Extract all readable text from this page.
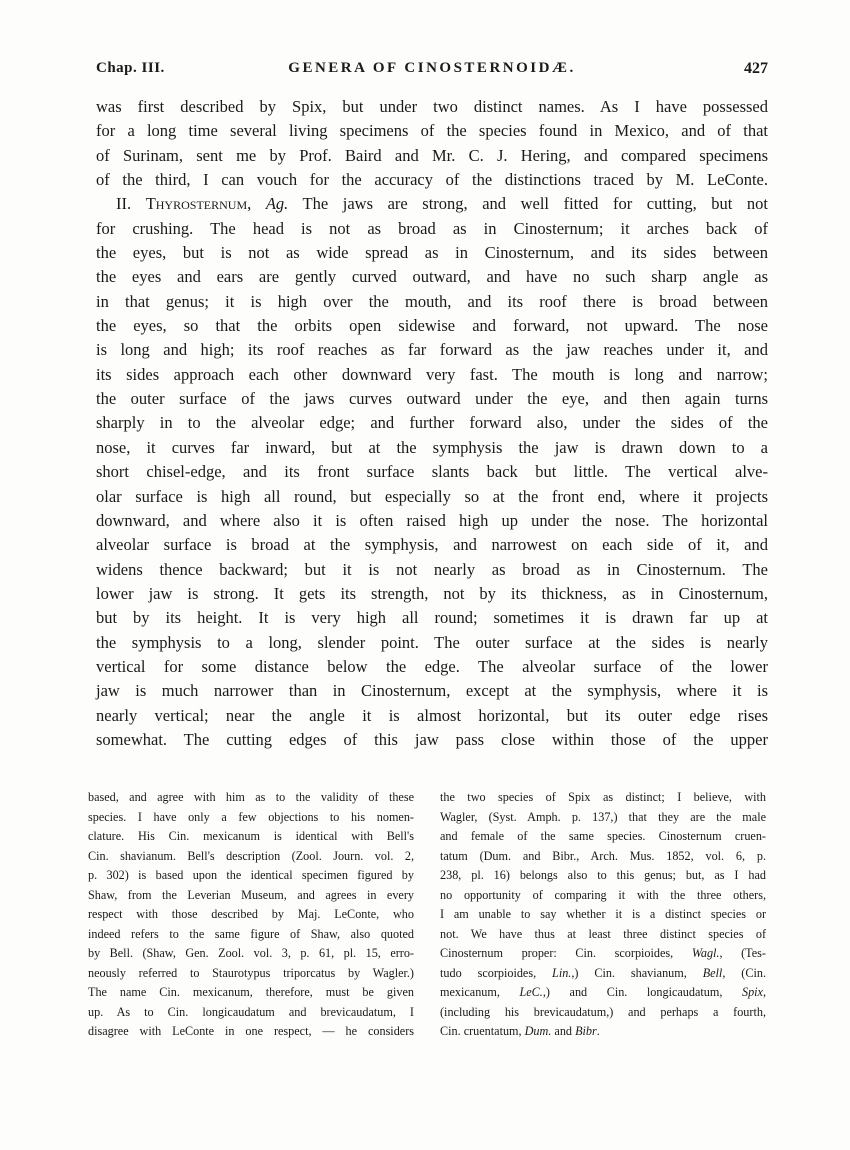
Chap. III.	GENERA OF CINOSTERNOIDÆ.	427
was first described by Spix, but under two distinct names. As I have possessed
for a long time several living specimens of the species found in Mexico, and of that
of Surinam, sent me by Prof. Baird and Mr. C. J. Hering, and compared specimens
of the third, I can vouch for the accuracy of the distinctions traced by M. LeConte.
II. Thyrosternum, Ag. The jaws are strong, and well fitted for cutting, but not
for crushing. The head is not as broad as in Cinosternum; it arches back of
the eyes, but is not as wide spread as in Cinosternum, and its sides between
the eyes and ears are gently curved outward, and have no such sharp angle as
in that genus; it is high over the mouth, and its roof there is broad between
the eyes, so that the orbits open sidewise and forward, not upward. The nose
is long and high; its roof reaches as far forward as the jaw reaches under it, and
its sides approach each other downward very fast. The mouth is long and narrow;
the outer surface of the jaws curves outward under the eye, and then again turns
sharply in to the alveolar edge; and further forward also, under the sides of the
nose, it curves far inward, but at the symphysis the jaw is drawn down to a
short chisel-edge, and its front surface slants back but little. The vertical alve-
olar surface is high all round, but especially so at the front end, where it projects
downward, and where also it is often raised high up under the nose. The horizontal
alveolar surface is broad at the symphysis, and narrowest on each side of it, and
widens thence backward; but it is not nearly as broad as in Cinosternum. The
lower jaw is strong. It gets its strength, not by its thickness, as in Cinosternum,
but by its height. It is very high all round; sometimes it is drawn far up at
the symphysis to a long, slender point. The outer surface at the sides is nearly
vertical for some distance below the edge. The alveolar surface of the lower
jaw is much narrower than in Cinosternum, except at the symphysis, where it is
nearly vertical; near the angle it is almost horizontal, but its outer edge rises
somewhat. The cutting edges of this jaw pass close within those of the upper
based, and agree with him as to the validity of these
species. I have only a few objections to his nomen-
clature. His Cin. mexicanum is identical with Bell's
Cin. shavianum. Bell's description (Zool. Journ. vol. 2,
p. 302) is based upon the identical specimen figured by
Shaw, from the Leverian Museum, and agrees in every
respect with those described by Maj. LeConte, who
indeed refers to the same figure of Shaw, also quoted
by Bell. (Shaw, Gen. Zool. vol. 3, p. 61, pl. 15, erro-
neously referred to Staurotypus triporcatus by Wagler.)
The name Cin. mexicanum, therefore, must be given
up. As to Cin. longicaudatum and brevicaudatum, I
disagree with LeConte in one respect, — he considers
the two species of Spix as distinct; I believe, with
Wagler, (Syst. Amph. p. 137,) that they are the male
and female of the same species. Cinosternum cruen-
tatum (Dum. and Bibr., Arch. Mus. 1852, vol. 6, p.
238, pl. 16) belongs also to this genus; but, as I had
no opportunity of comparing it with the three others,
I am unable to say whether it is a distinct species or
not. We have thus at least three distinct species of
Cinosternum proper: Cin. scorpioides, Wagl., (Tes-
tudo scorpioides, Lin.,) Cin. shavianum, Bell, (Cin.
mexicanum, LeC.,) and Cin. longicaudatum, Spix,
(including his brevicaudatum,) and perhaps a fourth,
Cin. cruentatum, Dum. and Bibr.
